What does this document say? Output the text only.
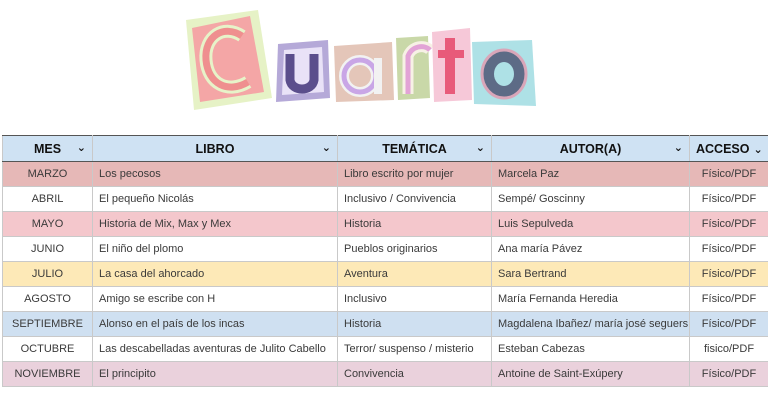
MES ⌄	LIBRO ⌄	TEMÁTICA ⌄	AUTOR(A) ⌄	ACCESO ⌄

MARZO	Los pecosos	Libro escrito por mujer	Marcela Paz	Físico/PDF
ABRIL	El pequeño Nicolás	Inclusivo / Convivencia	Sempé/ Goscinny	Físico/PDF
MAYO	Historia de Mix, Max y Mex	Historia	Luis Sepulveda	Físico/PDF
JUNIO	El niño del plomo	Pueblos originarios	Ana maría Pávez	Físico/PDF
JULIO	La casa del ahorcado	Aventura	Sara Bertrand	Físico/PDF
AGOSTO	Amigo se escribe con H	Inclusivo	María Fernanda Heredia	Físico/PDF
SEPTIEMBRE	Alonso en el país de los incas	Historia	Magdalena Ibañez/ maría josé seguers	Físico/PDF
OCTUBRE	Las descabelladas aventuras de Julito Cabello	Terror/ suspenso / misterio	Esteban Cabezas	fisico/PDF
NOVIEMBRE	El principito	Convivencia	Antoine de Saint-Exúpery	Físico/PDF
